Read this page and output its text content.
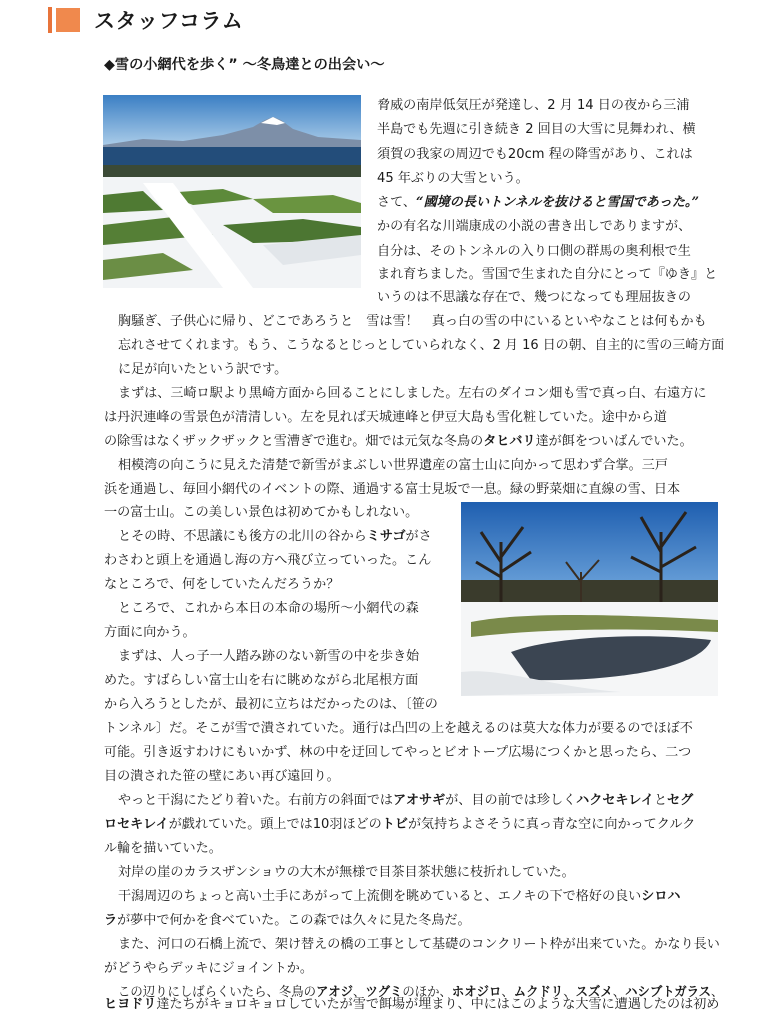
スタッフコラム
◆雪の小網代を歩く” 〜冬鳥達との出会い〜
脅威の南岸低気圧が発達し、2 月 14 日の夜から三浦
半島でも先週に引き続き 2 回目の大雪に見舞われ、横
須賀の我家の周辺でも20cm 程の降雪があり、これは
45 年ぶりの大雪という。
さて、“國境の長いトンネルを抜けると雪国であった。”
かの有名な川端康成の小説の書き出しでありますが、
自分は、そのトンネルの入り口側の群馬の奥利根で生
まれ育ちました。雪国で生まれた自分にとって『ゆき』と
いうのは不思議な存在で、幾つになっても理屈抜きの
胸騒ぎ、子供心に帰り、どこであろうと　雪は雪！　真っ白の雪の中にいるといやなことは何もかも
忘れさせてくれます。もう、こうなるとじっとしていられなく、2 月 16 日の朝、自主的に雪の三崎方面
に足が向いたという訳です。
まずは、三崎ロ駅より黒崎方面から回ることにしました。左右のダイコン畑も雪で真っ白、右遠方に
は丹沢連峰の雪景色が清清しい。左を見れば天城連峰と伊豆大島も雪化粧していた。途中から道
の除雪はなくザックザックと雪漕ぎで進む。畑では元気な冬鳥のタヒバリ達が餌をついばんでいた。
相模湾の向こうに見えた清楚で新雪がまぶしい世界遺産の富士山に向かって思わず合掌。三戸
浜を通過し、毎回小網代のイベントの際、通過する富士見坂で一息。緑の野菜畑に直線の雪、日本
一の富士山。この美しい景色は初めてかもしれない。
とその時、不思議にも後方の北川の谷からミサゴがさ
わさわと頭上を通過し海の方へ飛び立っていった。こん
なところで、何をしていたんだろうか？
ところで、これから本日の本命の場所〜小網代の森
方面に向かう。
まずは、人っ子一人踏み跡のない新雪の中を歩き始
めた。すばらしい富士山を右に眺めながら北尾根方面
から入ろうとしたが、最初に立ちはだかったのは、〔笹の
トンネル〕だ。そこが雪で潰されていた。通行は凸凹の上を越えるのは莫大な体力が要るのでほぼ不
可能。引き返すわけにもいかず、林の中を迂回してやっとビオトープ広場につくかと思ったら、二つ
目の潰された笹の壁にあい再び遠回り。
やっと干潟にたどり着いた。右前方の斜面ではアオサギが、目の前では珍しくハクセキレイとセグ
ロセキレイが戯れていた。頭上では10羽ほどのトビが気持ちよさそうに真っ青な空に向かってクルク
ル輪を描いていた。
対岸の崖のカラスザンショウの大木が無様で目茶目茶状態に枝折れしていた。
干潟周辺のちょっと高い土手にあがって上流側を眺めていると、エノキの下で格好の良いシロハ
ラが夢中で何かを食べていた。この森では久々に見た冬鳥だ。
また、河口の石橋上流で、架け替えの橋の工事として基礎のコンクリート枠が出来ていた。かなり長い
がどうやらデッキにジョイントか。
この辺りにしばらくいたら、冬鳥のアオジ、ツグミのほか、ホオジロ、ムクドリ、スズメ、ハシブトガラス、
ヒヨドリ達たちがキョロキョロしていたが雪で餌場が埋まり、中にはこのような大雪に遭遇したのは初め
